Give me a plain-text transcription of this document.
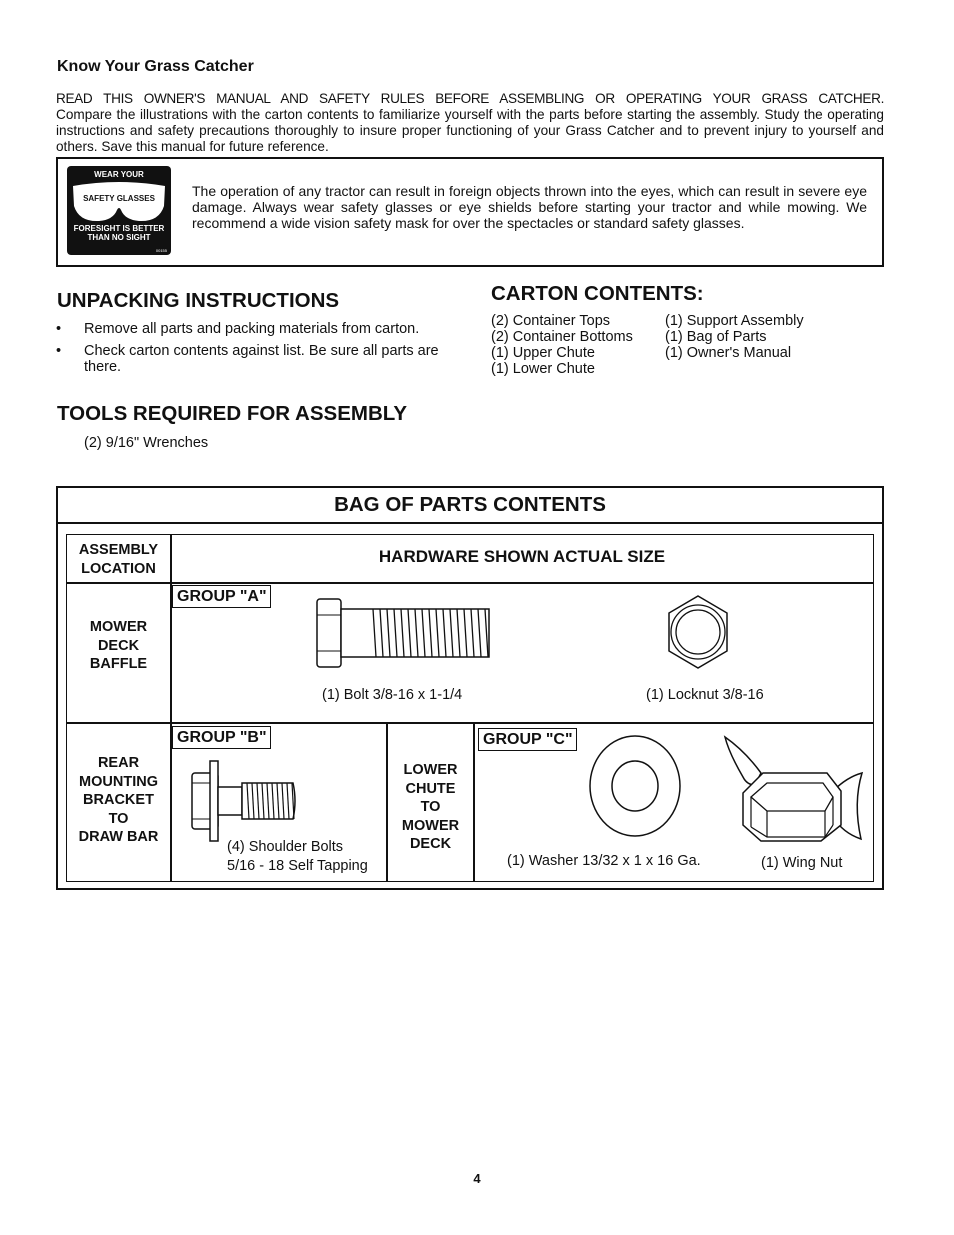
Know Your Grass Catcher
READ THIS OWNER'S MANUAL AND SAFETY RULES BEFORE ASSEMBLING OR OPERATING YOUR GRASS CATCHER.
Compare the illustrations with the carton contents to familiarize yourself with the parts before starting the assembly. Study the operating instructions and safety precautions thoroughly to insure proper functioning of your Grass Catcher and to prevent injury to yourself and others. Save this manual for future reference.
WEAR YOUR
SAFETY GLASSES
FORESIGHT IS BETTER
THAN NO SIGHT
00155
The operation of any tractor can result in foreign objects thrown into the eyes, which can result in severe eye damage. Always wear safety glasses or eye shields before starting your tractor and while mowing. We recommend a wide vision safety mask for over the spectacles or standard safety glasses.
UNPACKING INSTRUCTIONS
• Remove all parts and packing materials from carton.
• Check carton contents against list. Be sure all parts are there.
CARTON CONTENTS:
(2) Container Tops
(2) Container Bottoms
(1) Upper Chute
(1) Lower Chute
(1) Support Assembly
(1) Bag of Parts
(1) Owner's Manual
TOOLS REQUIRED FOR ASSEMBLY
(2) 9/16" Wrenches
BAG OF PARTS CONTENTS
ASSEMBLY
LOCATION
HARDWARE SHOWN ACTUAL SIZE
MOWER
DECK
BAFFLE
GROUP "A"
(1) Bolt 3/8-16 x 1-1/4	(1) Locknut 3/8-16
REAR
MOUNTING
BRACKET
TO
DRAW BAR
GROUP "B"
(4) Shoulder Bolts
5/16 - 18 Self Tapping
LOWER
CHUTE
TO
MOWER
DECK
GROUP "C"
(1) Washer 13/32 x 1 x 16 Ga.	(1) Wing Nut
4
